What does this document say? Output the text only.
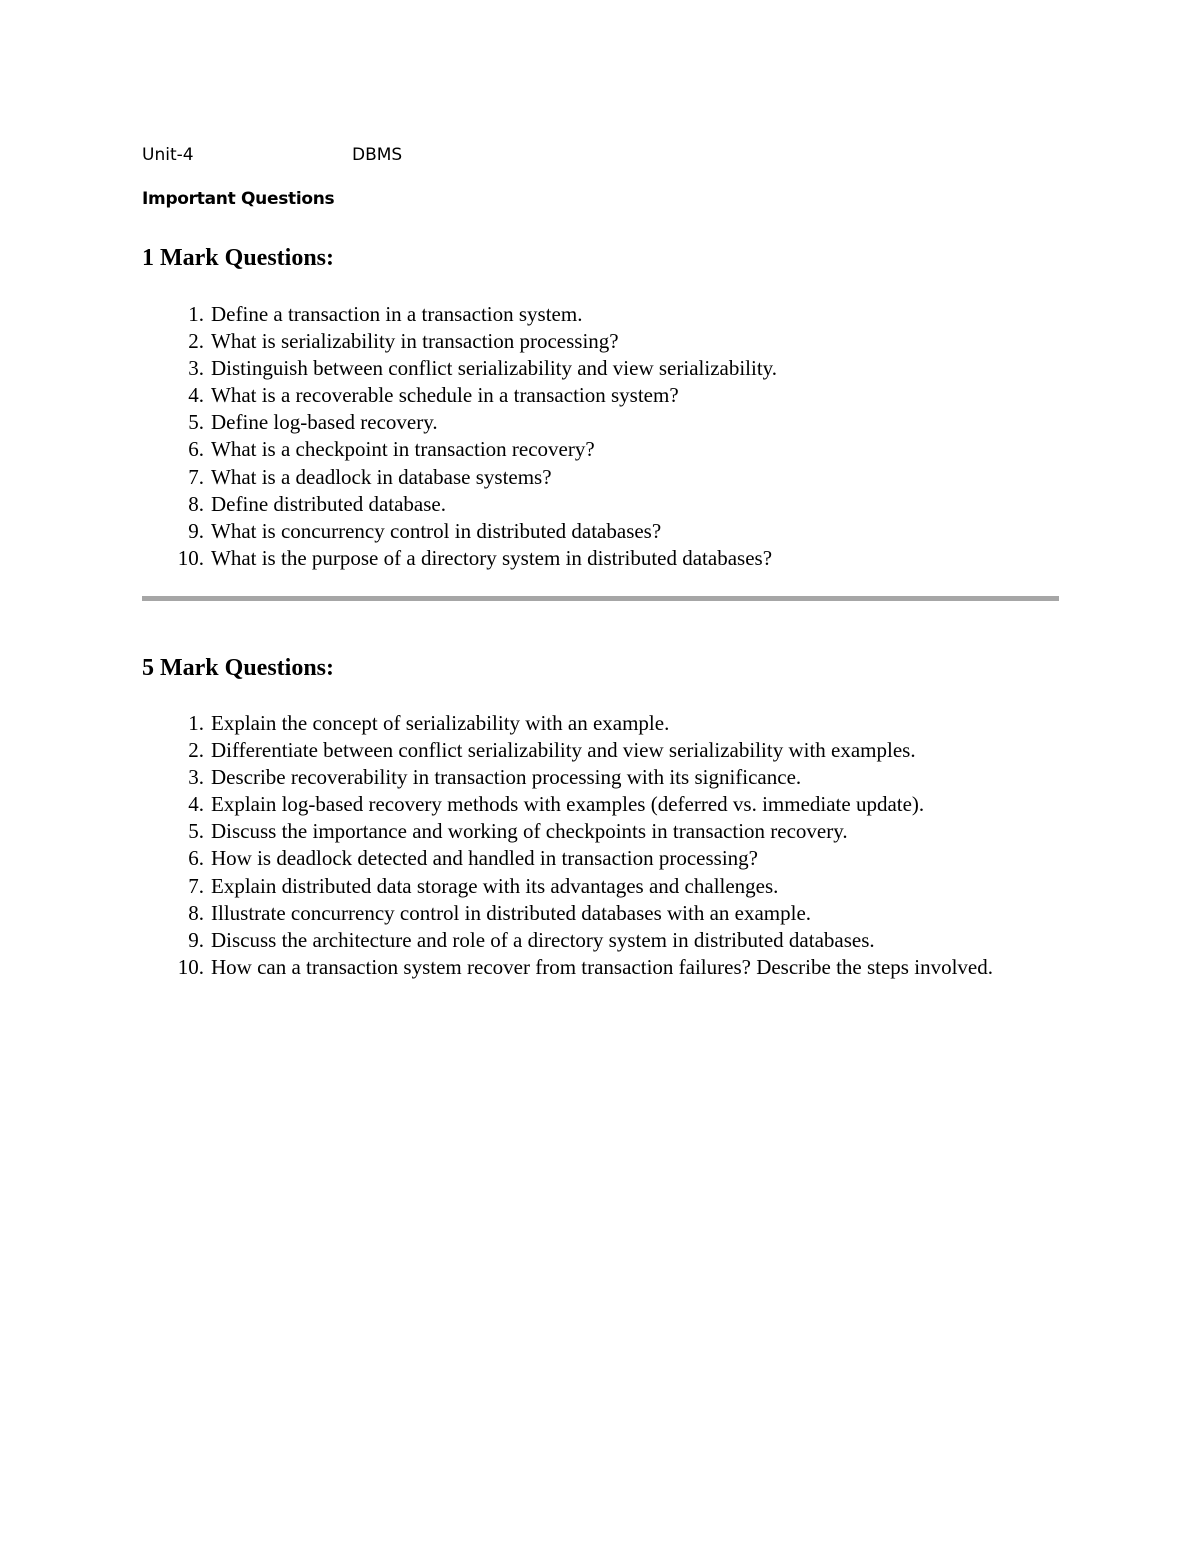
Unit-4	DBMS
Important Questions
1 Mark Questions:
1. Define a transaction in a transaction system.
2. What is serializability in transaction processing?
3. Distinguish between conflict serializability and view serializability.
4. What is a recoverable schedule in a transaction system?
5. Define log-based recovery.
6. What is a checkpoint in transaction recovery?
7. What is a deadlock in database systems?
8. Define distributed database.
9. What is concurrency control in distributed databases?
10. What is the purpose of a directory system in distributed databases?
5 Mark Questions:
1. Explain the concept of serializability with an example.
2. Differentiate between conflict serializability and view serializability with examples.
3. Describe recoverability in transaction processing with its significance.
4. Explain log-based recovery methods with examples (deferred vs. immediate update).
5. Discuss the importance and working of checkpoints in transaction recovery.
6. How is deadlock detected and handled in transaction processing?
7. Explain distributed data storage with its advantages and challenges.
8. Illustrate concurrency control in distributed databases with an example.
9. Discuss the architecture and role of a directory system in distributed databases.
10. How can a transaction system recover from transaction failures? Describe the steps involved.
